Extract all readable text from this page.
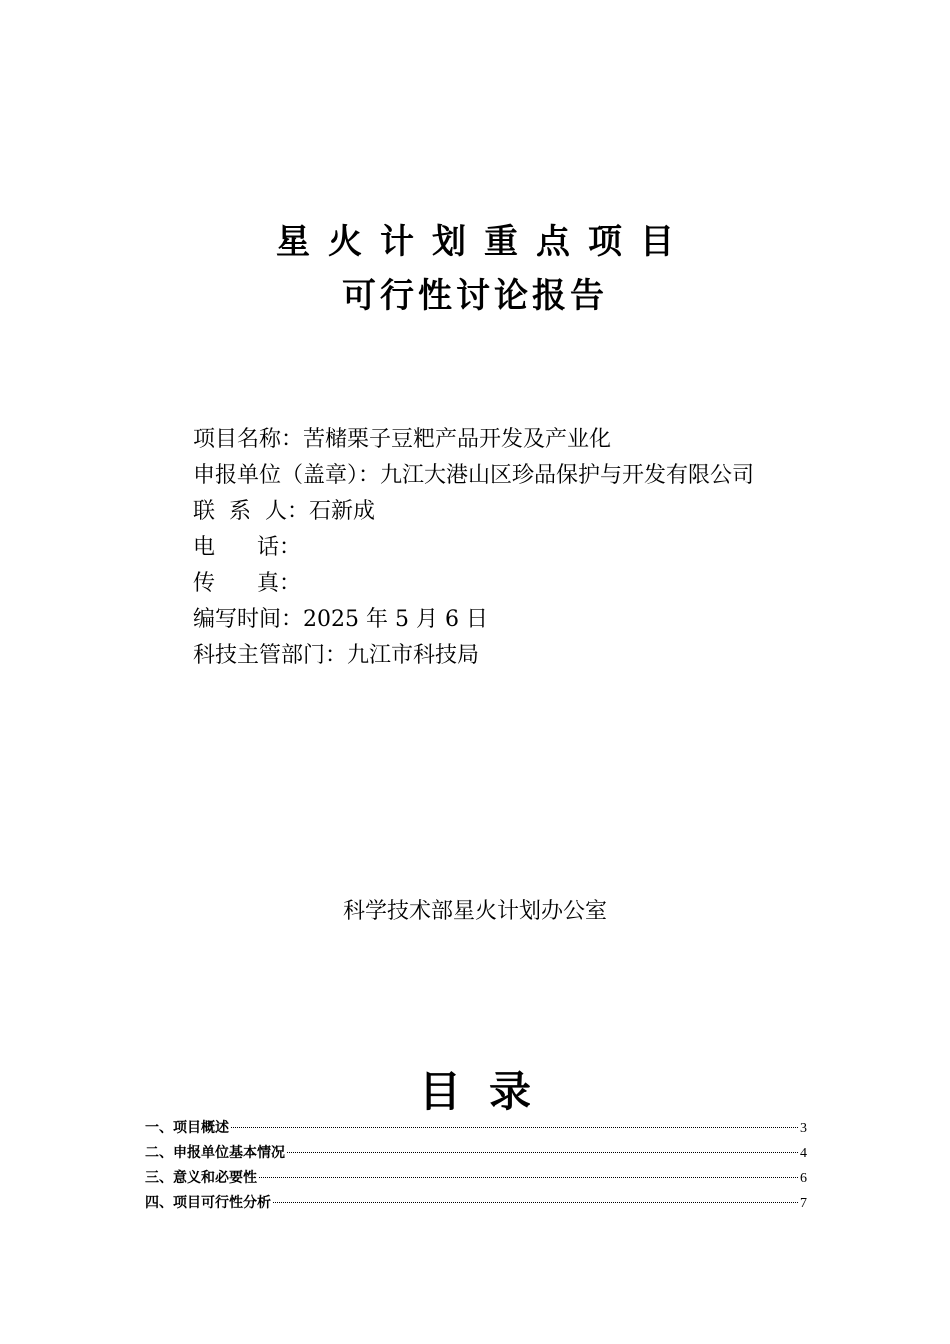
星火计划重点项目
可行性讨论报告
项目名称：苦槠栗子豆粑产品开发及产业化
申报单位（盖章）：九江大港山区珍品保护与开发有限公司
联  系  人：石新成
电      话：
传      真：
编写时间：2025 年 5 月 6 日
科技主管部门：九江市科技局
科学技术部星火计划办公室
目录
一、项目概述	3
二、申报单位基本情况	4
三、意义和必要性	6
四、项目可行性分析	7
